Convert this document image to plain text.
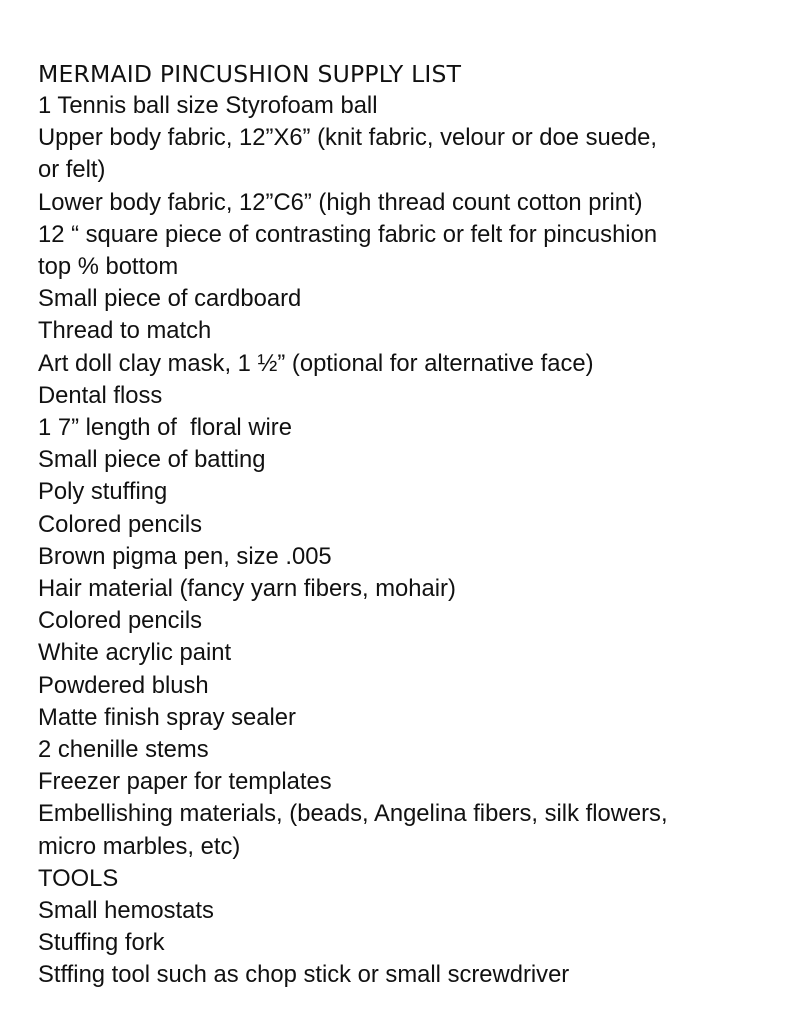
MERMAID PINCUSHION SUPPLY LIST
1 Tennis ball size Styrofoam ball
Upper body fabric, 12”X6” (knit fabric, velour or doe suede,
or felt)
Lower body fabric, 12”C6” (high thread count cotton print)
12 “ square piece of contrasting fabric or felt for pincushion
top % bottom
Small piece of cardboard
Thread to match
Art doll clay mask, 1 ½” (optional for alternative face)
Dental floss
1 7” length of  floral wire
Small piece of batting
Poly stuffing
Colored pencils
Brown pigma pen, size .005
Hair material (fancy yarn fibers, mohair)
Colored pencils
White acrylic paint
Powdered blush
Matte finish spray sealer
2 chenille stems
Freezer paper for templates
Embellishing materials, (beads, Angelina fibers, silk flowers,
micro marbles, etc)
TOOLS
Small hemostats
Stuffing fork
Stffing tool such as chop stick or small screwdriver
